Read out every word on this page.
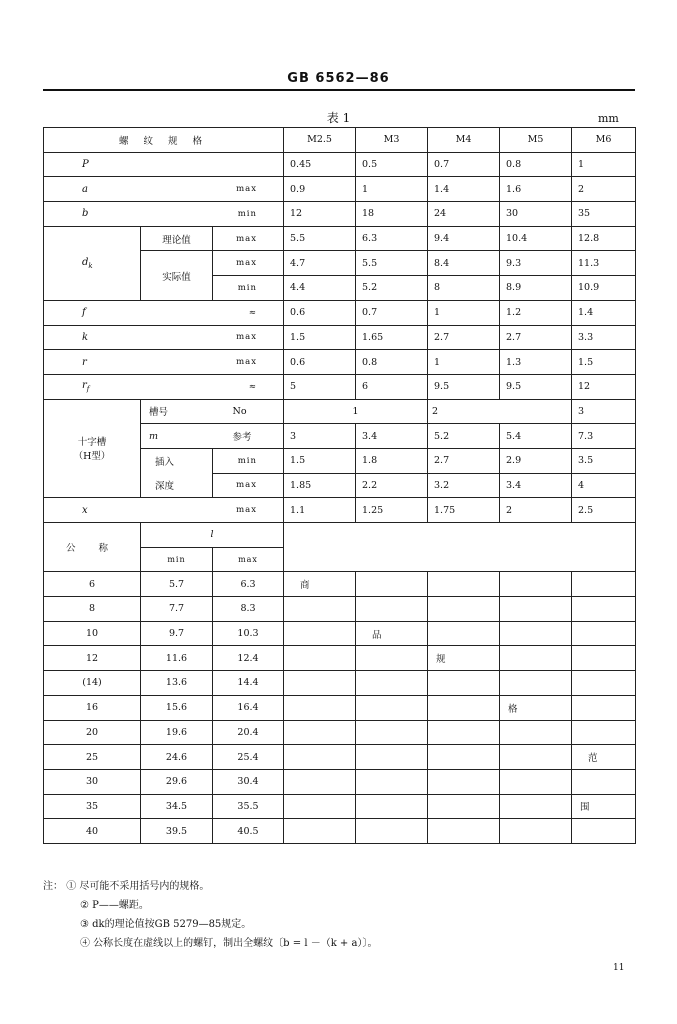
GB 6562—86
表 1	mm
螺 纹 规 格			M2.5	M3	M4	M5	M6
P			0.45	0.5	0.7	0.8	1
a		max	0.9	1	1.4	1.6	2
b		min	12	18	24	30	35
$d_k$	理论值	max	5.5	6.3	9.4	10.4	12.8
	实际值	max	4.7	5.5	8.4	9.3	11.3
		min	4.4	5.2	8	8.9	10.9
f		≈	0.6	0.7	1	1.2	1.4
k		max	1.5	1.65	2.7	2.7	3.3
r		max	0.6	0.8	1	1.3	1.5
$r_f$		≈	5	6	9.5	9.5	12
十字槽
（H型）	槽号	No	1		2		3
	m	参考	3	3.4	5.2	5.4	7.3
	插入	min	1.5	1.8	2.7	2.9	3.5
	深度	max	1.85	2.2	3.2	3.4	4
x		max	1.1	1.25	1.75	2	2.5
公 称	l						
	min	max					
6	5.7	6.3	商				
8	7.7	8.3					
10	9.7	10.3		品			
12	11.6	12.4			规		
(14)	13.6	14.4					
16	15.6	16.4				格	
20	19.6	20.4					
25	24.6	25.4					范
30	29.6	30.4					
35	34.5	35.5					围
40	39.5	40.5					

注： ① 尽可能不采用括号内的规格。
② P——螺距。
③ dk的理论值按GB 5279—85规定。
④ 公称长度在虚线以上的螺钉，制出全螺纹〔b = l －（k + a）〕。
11
